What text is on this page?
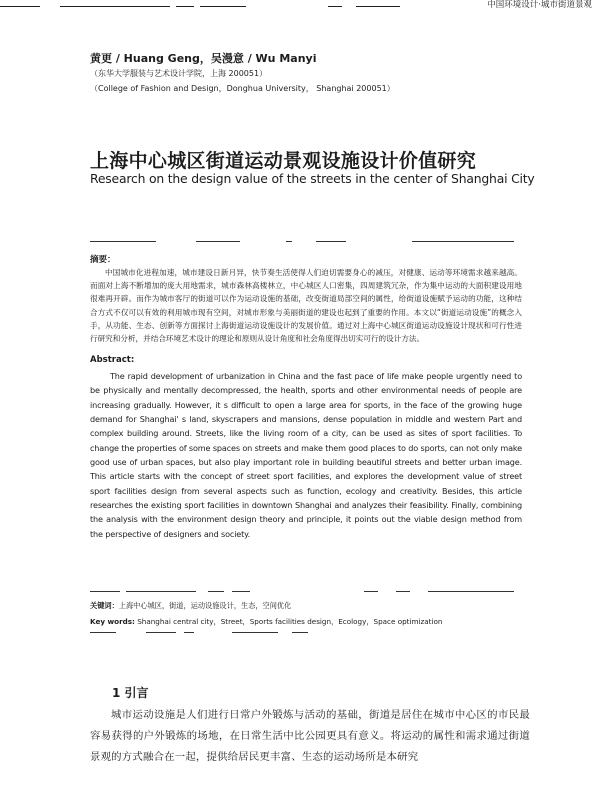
中国环境设计·城市街道景观
黄更 / Huang Geng，吴漫意 / Wu Manyi
（东华大学服装与艺术设计学院，上海 200051）
（College of Fashion and Design，Donghua University， Shanghai 200051）
上海中心城区街道运动景观设施设计价值研究
Research on the design value of the streets in the center of Shanghai City
摘要：
中国城市化进程加速，城市建设日新月异，快节奏生活使得人们迫切需要身心的减压，对健康、运动等环境需求越来越高。而面对上海不断增加的庞大用地需求，城市森林高楼林立，中心城区人口密集，四周建筑冗杂，作为集中运动的大面积建设用地很难再开辟。而作为城市客厅的街道可以作为运动设施的基础，改变街道局部空间的属性，给街道设施赋予运动的功能，这种结合方式不仅可以有效的利用城市现有空间，对城市形象与美丽街道的建设也起到了重要的作用。本文以“街道运动设施”的概念入手，从功能、生态、创新等方面探讨上海街道运动设施设计的发展价值。通过对上海中心城区街道运动设施设计现状和可行性进行研究和分析，并结合环境艺术设计的理论和原则从设计角度和社会角度得出切实可行的设计方法。
Abstract:
The rapid development of urbanization in China and the fast pace of life make people urgently need to be physically and mentally decompressed, the health, sports and other environmental needs of people are increasing gradually. However, it s difficult to open a large area for sports, in the face of the growing huge demand for Shanghai' s land, skyscrapers and mansions, dense population in middle and western Part and complex building around. Streets, like the living room of a city, can be used as sites of sport facilities. To change the properties of some spaces on streets and make them good places to do sports, can not only make good use of urban spaces, but also play important role in building beautiful streets and better urban image. This article starts with the concept of street sport facilities, and explores the development value of street sport facilities design from several aspects such as function, ecology and creativity. Besides, this article researches the existing sport facilities in downtown Shanghai and analyzes their feasibility. Finally, combining the analysis with the environment design theory and principle, it points out the viable design method from the perspective of designers and society.
关键词：上海中心城区，街道，运动设施设计，生态，空间优化
Key words: Shanghai central city，Street，Sports facilities design，Ecology，Space optimization
1 引言
城市运动设施是人们进行日常户外锻炼与活动的基础，街道是居住在城市中心区的市民最容易获得的户外锻炼的场地，在日常生活中比公园更具有意义。将运动的属性和需求通过街道景观的方式融合在一起，提供给居民更丰富、生态的运动场所是本研究
